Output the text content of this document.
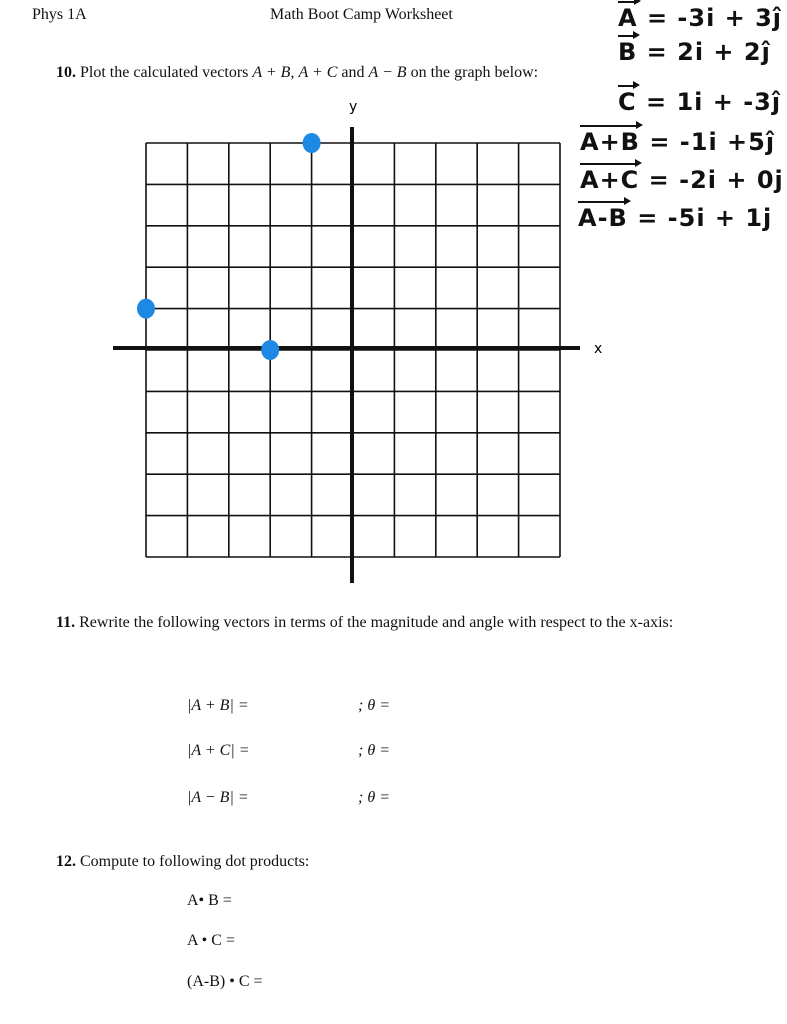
Phys 1A	Math Boot Camp Worksheet
10. Plot the calculated vectors A + B, A + C and A − B on the graph below:
x
y
A = -3i + 3ĵ
B = 2i + 2ĵ
C = 1i + -3ĵ
A+B = -1i +5ĵ
A+C = -2i + 0j
A-B = -5i + 1j
11. Rewrite the following vectors in terms of the magnitude and angle with respect to the x-axis:
|A + B| =	; θ =
|A + C| =	; θ =
|A − B| =	; θ =
12. Compute to following dot products:
A• B =
A • C =
(A-B) • C =
